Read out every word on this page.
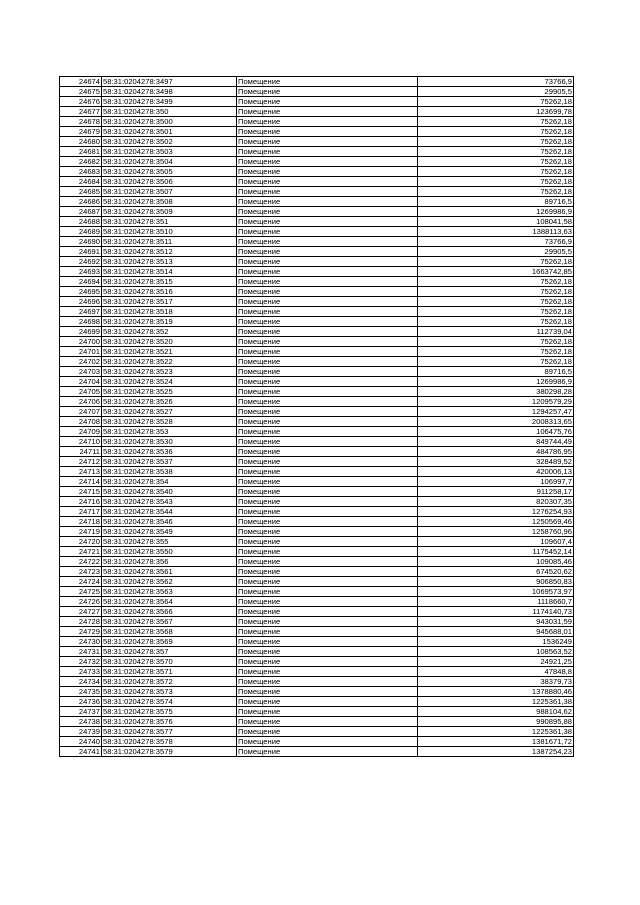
24674	58:31:0204278:3497	Помещение	73766,9
24675	58:31:0204278:3498	Помещение	29905,5
24676	58:31:0204278:3499	Помещение	75262,18
24677	58:31:0204278:350	Помещение	123699,78
24678	58:31:0204278:3500	Помещение	75262,18
24679	58:31:0204278:3501	Помещение	75262,18
24680	58:31:0204278:3502	Помещение	75262,18
24681	58:31:0204278:3503	Помещение	75262,18
24682	58:31:0204278:3504	Помещение	75262,18
24683	58:31:0204278:3505	Помещение	75262,18
24684	58:31:0204278:3506	Помещение	75262,18
24685	58:31:0204278:3507	Помещение	75262,18
24686	58:31:0204278:3508	Помещение	89716,5
24687	58:31:0204278:3509	Помещение	1269986,9
24688	58:31:0204278:351	Помещение	108041,58
24689	58:31:0204278:3510	Помещение	1388113,63
24690	58:31:0204278:3511	Помещение	73766,9
24691	58:31:0204278:3512	Помещение	29905,5
24692	58:31:0204278:3513	Помещение	75262,18
24693	58:31:0204278:3514	Помещение	1663742,85
24694	58:31:0204278:3515	Помещение	75262,18
24695	58:31:0204278:3516	Помещение	75262,18
24696	58:31:0204278:3517	Помещение	75262,18
24697	58:31:0204278:3518	Помещение	75262,18
24698	58:31:0204278:3519	Помещение	75262,18
24699	58:31:0204278:352	Помещение	112739,04
24700	58:31:0204278:3520	Помещение	75262,18
24701	58:31:0204278:3521	Помещение	75262,18
24702	58:31:0204278:3522	Помещение	75262,18
24703	58:31:0204278:3523	Помещение	89716,5
24704	58:31:0204278:3524	Помещение	1269986,9
24705	58:31:0204278:3525	Помещение	380298,28
24706	58:31:0204278:3526	Помещение	1209579,29
24707	58:31:0204278:3527	Помещение	1294257,47
24708	58:31:0204278:3528	Помещение	2008313,65
24709	58:31:0204278:353	Помещение	106475,76
24710	58:31:0204278:3530	Помещение	849744,49
24711	58:31:0204278:3536	Помещение	484786,95
24712	58:31:0204278:3537	Помещение	328489,52
24713	58:31:0204278:3538	Помещение	420006,13
24714	58:31:0204278:354	Помещение	106997,7
24715	58:31:0204278:3540	Помещение	911258,17
24716	58:31:0204278:3543	Помещение	820307,35
24717	58:31:0204278:3544	Помещение	1276254,93
24718	58:31:0204278:3546	Помещение	1250569,46
24719	58:31:0204278:3549	Помещение	1258760,96
24720	58:31:0204278:355	Помещение	109607,4
24721	58:31:0204278:3550	Помещение	1175452,14
24722	58:31:0204278:356	Помещение	109085,46
24723	58:31:0204278:3561	Помещение	674520,62
24724	58:31:0204278:3562	Помещение	906850,83
24725	58:31:0204278:3563	Помещение	1069573,97
24726	58:31:0204278:3564	Помещение	1118660,7
24727	58:31:0204278:3566	Помещение	1174140,73
24728	58:31:0204278:3567	Помещение	943031,59
24729	58:31:0204278:3568	Помещение	945688,01
24730	58:31:0204278:3569	Помещение	1536249
24731	58:31:0204278:357	Помещение	108563,52
24732	58:31:0204278:3570	Помещение	24921,25
24733	58:31:0204278:3571	Помещение	47848,8
24734	58:31:0204278:3572	Помещение	38379,73
24735	58:31:0204278:3573	Помещение	1378880,46
24736	58:31:0204278:3574	Помещение	1225361,38
24737	58:31:0204278:3575	Помещение	988104,62
24738	58:31:0204278:3576	Помещение	990895,88
24739	58:31:0204278:3577	Помещение	1225361,38
24740	58:31:0204278:3578	Помещение	1381671,72
24741	58:31:0204278:3579	Помещение	1387254,23
